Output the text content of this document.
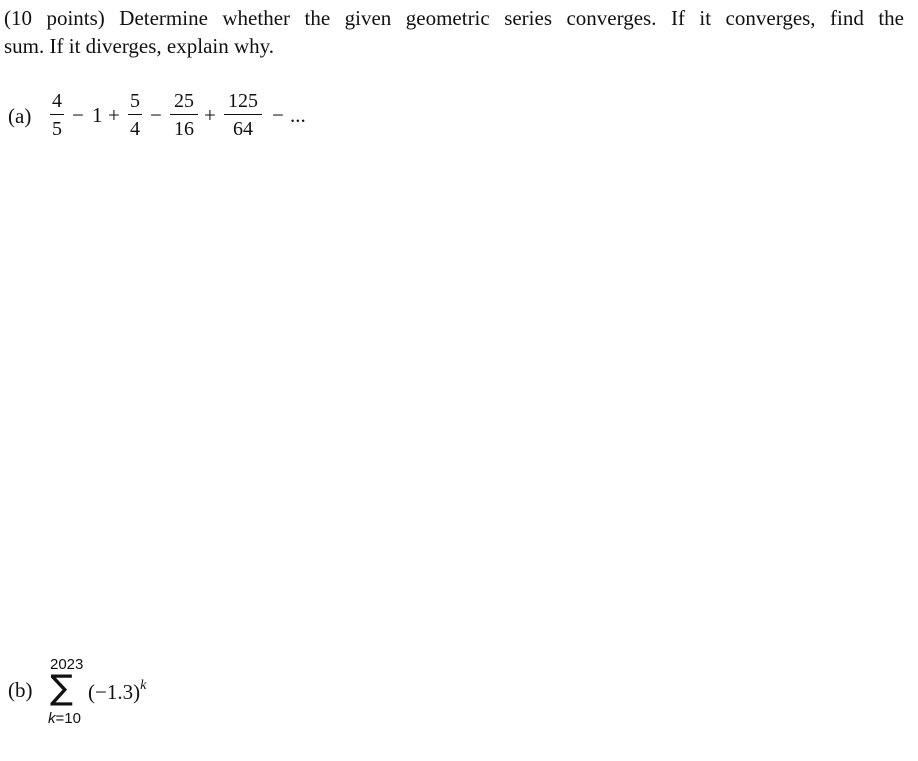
(10 points) Determine whether the given geometric series converges. If it converges, find the
sum. If it diverges, explain why.
(a)
4
5
− 1 +
5
4
−
25
16
+
125
64
− ...
(b)
2023
∑
k=10
$(-1.3)^k$
